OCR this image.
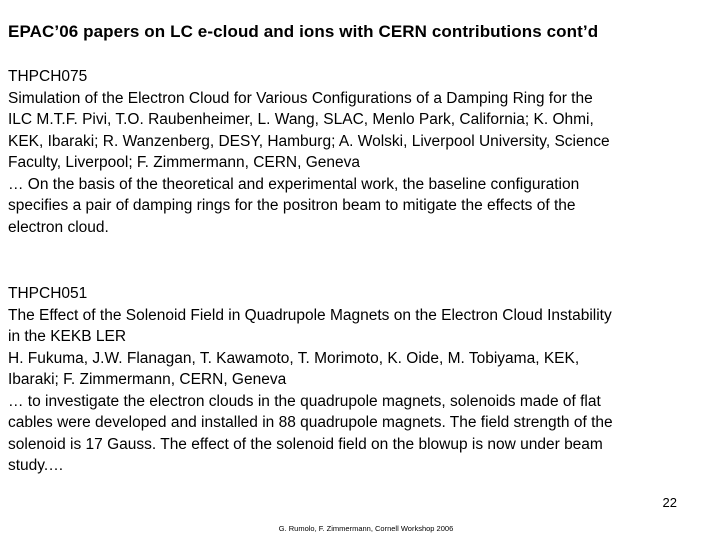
EPAC’06 papers on LC e-cloud and ions with CERN contributions cont’d
THPCH075
Simulation of the Electron Cloud for Various Configurations of a Damping Ring for the
ILC M.T.F. Pivi, T.O. Raubenheimer, L. Wang, SLAC, Menlo Park, California; K. Ohmi,
KEK, Ibaraki; R. Wanzenberg, DESY, Hamburg; A. Wolski, Liverpool University, Science
Faculty, Liverpool; F. Zimmermann, CERN, Geneva
… On the basis of the theoretical and experimental work, the baseline configuration
specifies a pair of damping rings for the positron beam to mitigate the effects of the
electron cloud.
THPCH051
The Effect of the Solenoid Field in Quadrupole Magnets on the Electron Cloud Instability
in the KEKB LER
H. Fukuma, J.W. Flanagan, T. Kawamoto, T. Morimoto, K. Oide, M. Tobiyama, KEK,
Ibaraki; F. Zimmermann, CERN, Geneva
… to investigate the electron clouds in the quadrupole magnets, solenoids made of flat
cables were developed and installed in 88 quadrupole magnets. The field strength of the
solenoid is 17 Gauss. The effect of the solenoid field on the blowup is now under beam
study.…
22
G. Rumolo, F. Zimmermann, Cornell Workshop 2006
